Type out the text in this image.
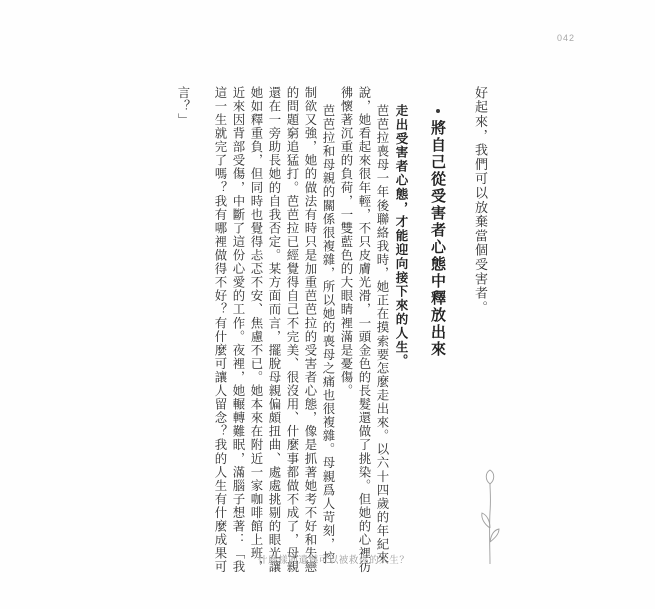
042
好起來，我們可以放棄當個受害者。
將自己從受害者心態中釋放出來
走出受害者心態，才能迎向接下來的人生。
芭芭拉喪母一年後聯絡我時，她正在摸索要怎麼走出來。以六十四歲的年紀來
說，她看起來很年輕，不只皮膚光滑，一頭金色的長髮還做了挑染。但她的心裡彷
彿懷著沉重的負荷，一雙藍色的大眼睛裡滿是憂傷。
芭芭拉和母親的關係很複雜，所以她的喪母之痛也很複雜。母親爲人苛刻，控
制欲又強，她的做法有時只是加重芭芭拉的受害者心態，像是抓著她考不好和失戀
的問題窮追猛打。芭芭拉已經覺得自己不完美、很沒用、什麼事都做不成了，母親
還在一旁助長她的自我否定。某方面而言，擺脫母親偏頗扭曲、處處挑剔的眼光讓
她如釋重負，但同時也覺得忐忑不安、焦慮不已。她本來在附近一家咖啡館上班，
近來因背部受傷，中斷了這份心愛的工作。夜裡，她輾轉難眠，滿腦子想著：「我
這一生就完了嗎？我有哪裡做得不好？有什麼可讓人留念？我的人生有什麼成果可
言？」
什麼樣的遺憾可以被救你的人生？
